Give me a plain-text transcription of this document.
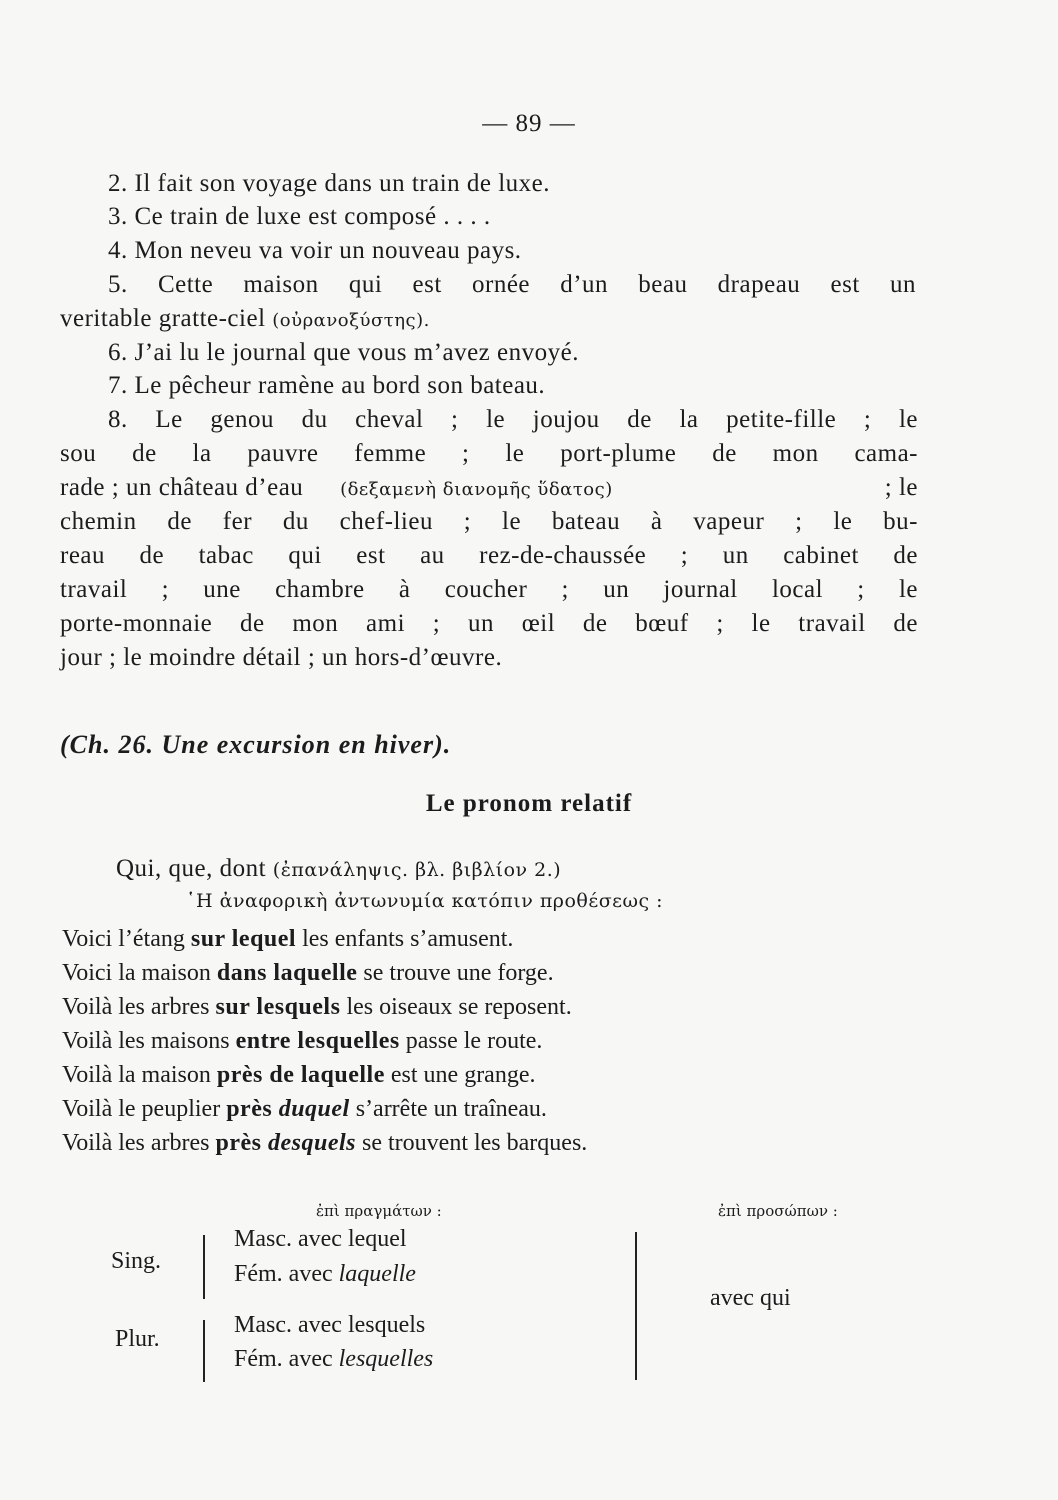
— 89 —
2. Il fait son voyage dans un train de luxe.
3. Ce train de luxe est composé . . . .
4. Mon neveu va voir un nouveau pays.
5. Cette maison qui est ornée d’un beau drapeau est un
veritable gratte-ciel (οὐρανοξύστης).
6. J’ai lu le journal que vous m’avez envoyé.
7. Le pêcheur ramène au bord son bateau.
8. Le genou du cheval ; le joujou de la petite-fille ; le
sou de la pauvre femme ; le port-plume de mon cama-
rade ; un château d’eau (δεξαμενὴ διανομῆς ὕδατος)	; le
chemin de fer du chef-lieu ; le bateau à vapeur ; le bu-
reau de tabac qui est au rez-de-chaussée ; un cabinet de
travail ; une chambre à coucher ; un journal local ; le
porte-monnaie de mon ami ; un œil de bœuf ; le travail de
jour ; le moindre détail ; un hors-d’œuvre.
(Ch. 26. Une excursion en hiver).
Le pronom relatif
Qui, que, dont (ἐπανάληψις. βλ. βιβλίον 2.)
῾Η ἀναφορικὴ ἀντωνυμία κατόπιν προθέσεως :
Voici l’étang sur lequel les enfants s’amusent.
Voici la maison dans laquelle se trouve une forge.
Voilà les arbres sur lesquels les oiseaux se reposent.
Voilà les maisons entre lesquelles passe le route.
Voilà la maison près de laquelle est une grange.
Voilà le peuplier près duquel s’arrête un traîneau.
Voilà les arbres près desquels se trouvent les barques.
ἐπὶ πραγμάτων :	ἐπὶ προσώπων :
Sing.
Masc. avec lequel
Fém. avec laquelle
Plur.
Masc. avec lesquels
Fém. avec lesquelles
avec qui
